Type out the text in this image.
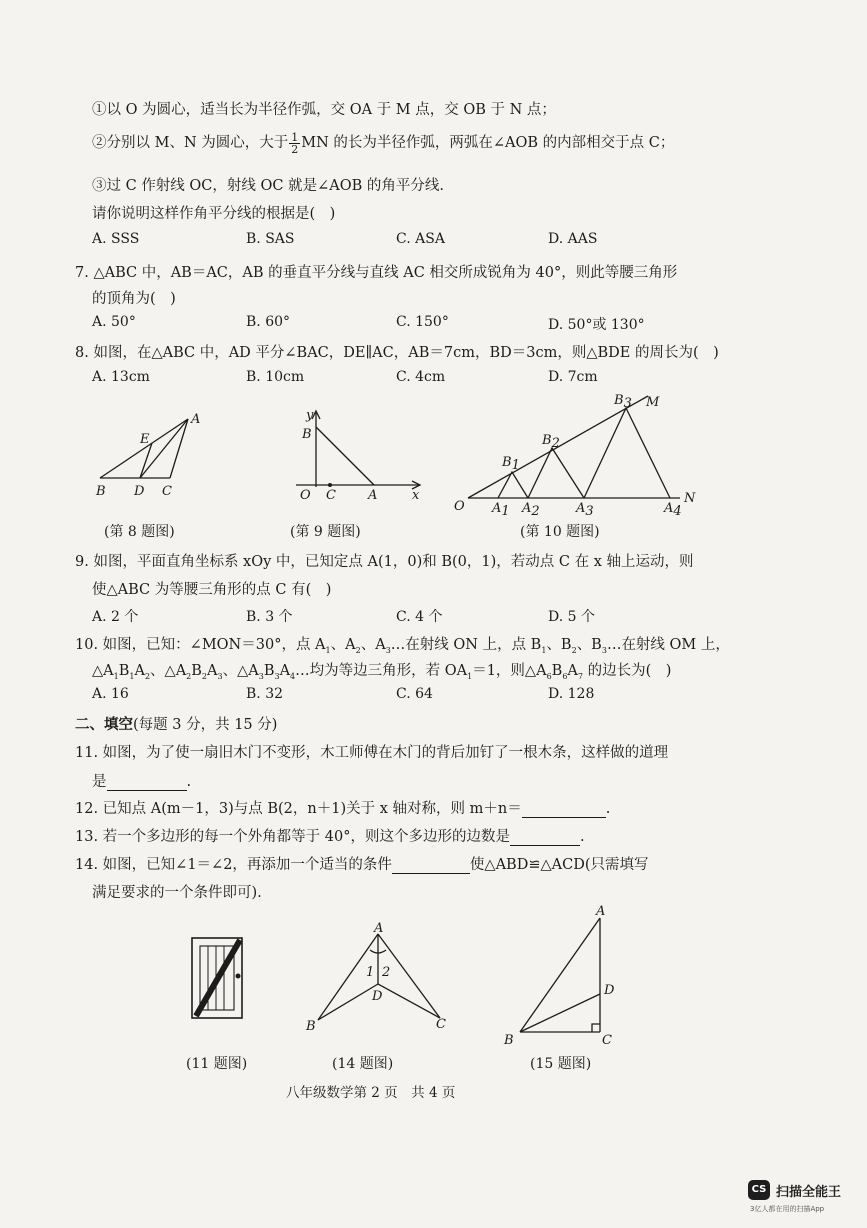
①以 O 为圆心，适当长为半径作弧，交 OA 于 M 点，交 OB 于 N 点；
②分别以 M、N 为圆心，大于 $\frac{1}{2}$ MN 的长为半径作弧，两弧在∠AOB 的内部相交于点 C；
③过 C 作射线 OC，射线 OC 就是∠AOB 的角平分线.
请你说明这样作角平分线的根据是(　)
A. SSS	B. SAS	C. ASA	D. AAS
7. △ABC 中，AB＝AC，AB 的垂直平分线与直线 AC 相交所成锐角为 40°，则此等腰三角形
的顶角为(　)
A. 50°	B. 60°	C. 150°	D. 50°或 130°
8. 如图，在△ABC 中，AD 平分∠BAC，DE∥AC，AB＝7cm，BD＝3cm，则△BDE 的周长为(　)
A. 13cm	B. 10cm	C. 4cm	D. 7cm
A
E
B D C
(第 8 题图)
y
B
O C A	x
(第 9 题图)
O
M
N
B1
B2
B3
A1 A2	A3	A4
(第 10 题图)
9. 如图，平面直角坐标系 xOy 中，已知定点 A(1，0)和 B(0，1)，若动点 C 在 x 轴上运动，则
使△ABC 为等腰三角形的点 C 有(　)
A. 2 个	B. 3 个	C. 4 个	D. 5 个
10. 如图，已知：∠MON＝30°，点 $A_1$、$A_2$、$A_3\dots$在射线 ON 上，点 $B_1$、$B_2$、$B_3\dots$在射线 OM 上，
$\triangle A_1B_1A_2$、$\triangle A_2B_2A_3$、$\triangle A_3B_3A_4\dots$均为等边三角形，若 $OA_1=1$，则$\triangle A_6B_6A_7$ 的边长为(　)
A. 16	B. 32	C. 64	D. 128
二、填空(每题 3 分，共 15 分)
11. 如图，为了使一扇旧木门不变形，木工师傅在木门的背后加钉了一根木条，这样做的道理
是	.
12. 已知点 A(m－1，3)与点 B(2，n＋1)关于 x 轴对称，则 m＋n＝	.
13. 若一个多边形的每一个外角都等于 40°，则这个多边形的边数是	.
14. 如图，已知∠1＝∠2，再添加一个适当的条件	使△ABD≌△ACD(只需填写
满足要求的一个条件即可).
(11 题图)
A
1 2
D
B	C
(14 题图)
A
D
B	C
(15 题图)
八年级数学第 2 页　共 4 页
CS 扫描全能王
3亿人都在用的扫描App
